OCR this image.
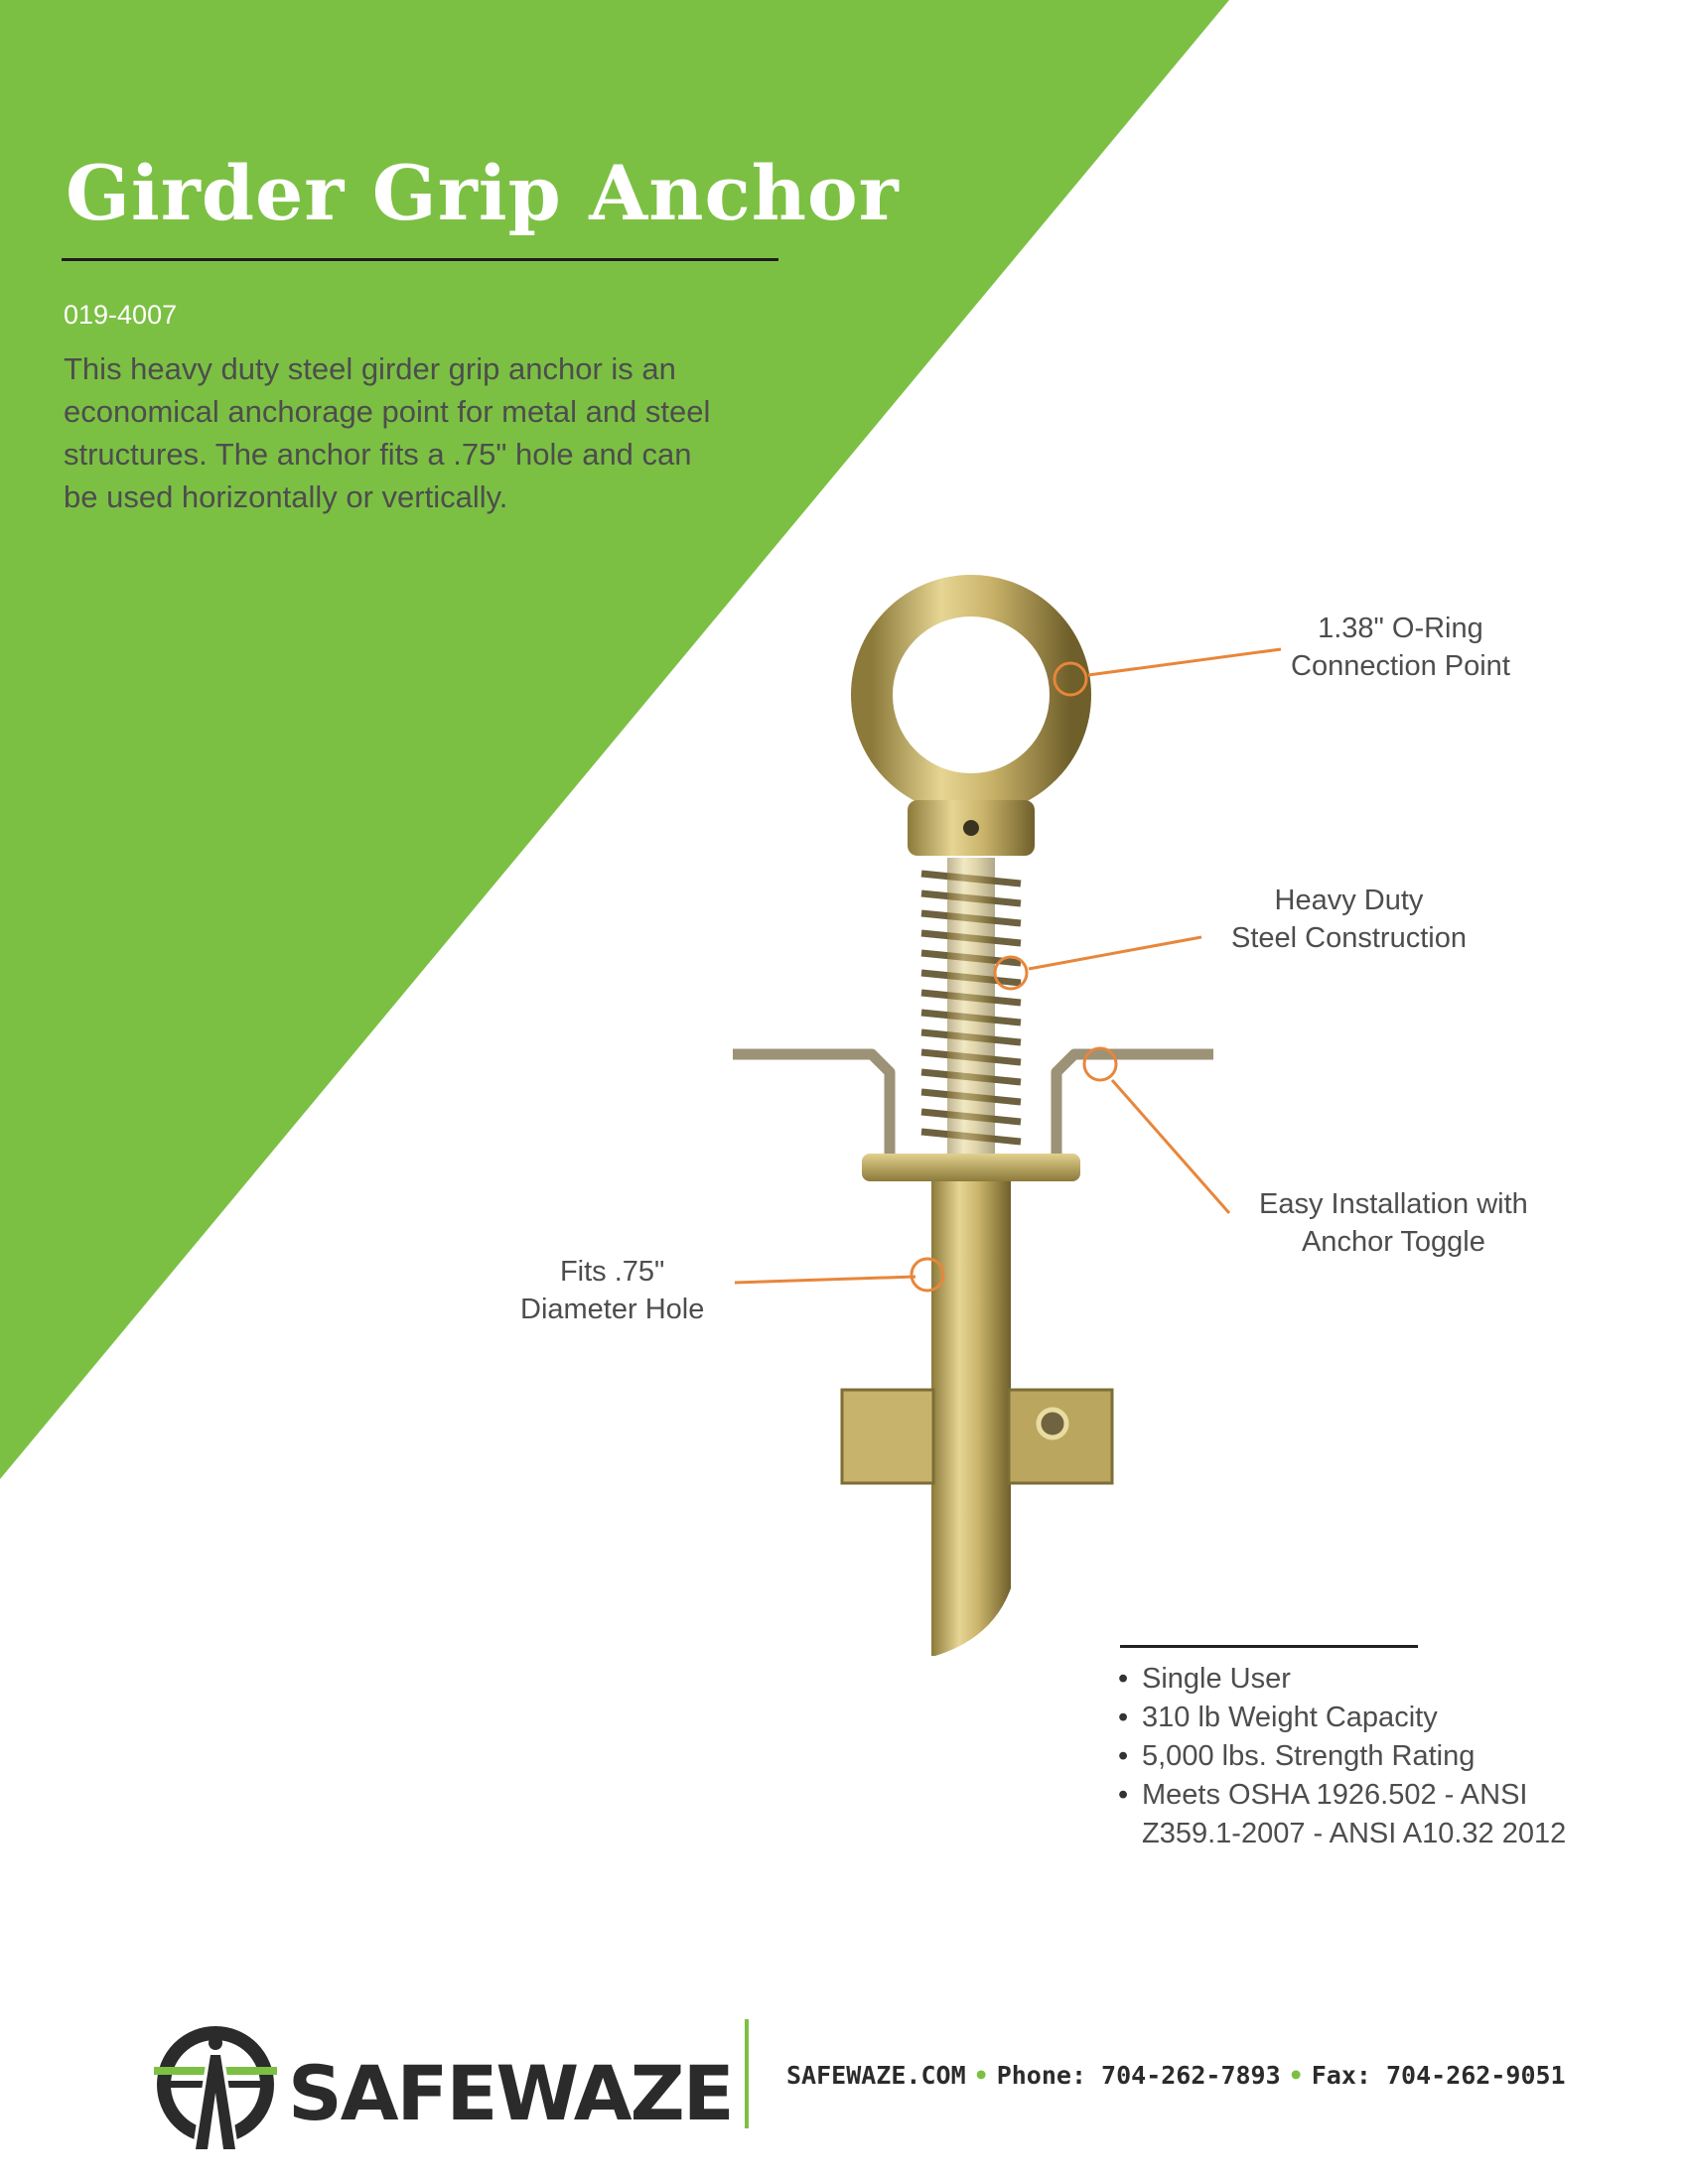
Girder Grip Anchor
019-4007

This heavy duty steel girder grip anchor is an economical anchorage point for metal and steel structures. The anchor fits a .75" hole and can be used horizontally or vertically.

1.38" O-Ring
Connection Point
Heavy Duty
Steel Construction
Easy Installation with
Anchor Toggle
Fits .75"
Diameter Hole
• Single User
• 310 lb Weight Capacity
• 5,000 lbs. Strength Rating
• Meets OSHA 1926.502 - ANSI Z359.1-2007 - ANSI A10.32 2012
SAFEWAZE SAFEWAZE.COM • Phone: 704-262-7893 • Fax: 704-262-9051
